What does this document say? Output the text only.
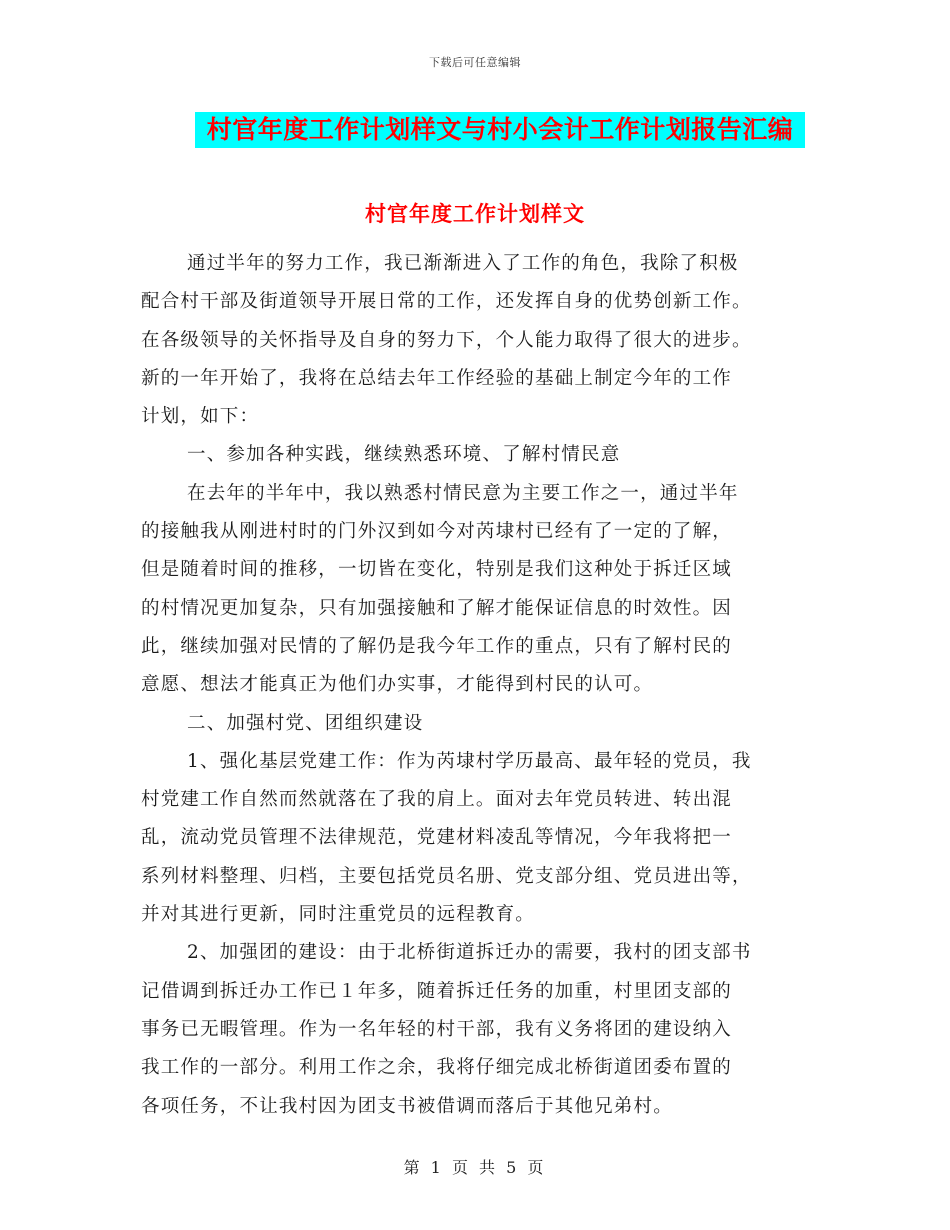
下载后可任意编辑
村官年度工作计划样文与村小会计工作计划报告汇编
村官年度工作计划样文
通过半年的努力工作，我已渐渐进入了工作的角色，我除了积极
配合村干部及街道领导开展日常的工作，还发挥自身的优势创新工作。
在各级领导的关怀指导及自身的努力下，个人能力取得了很大的进步。
新的一年开始了，我将在总结去年工作经验的基础上制定今年的工作
计划，如下：
一、参加各种实践，继续熟悉环境、了解村情民意
在去年的半年中，我以熟悉村情民意为主要工作之一，通过半年
的接触我从刚进村时的门外汉到如今对芮埭村已经有了一定的了解，
但是随着时间的推移，一切皆在变化，特别是我们这种处于拆迁区域
的村情况更加复杂，只有加强接触和了解才能保证信息的时效性。因
此，继续加强对民情的了解仍是我今年工作的重点，只有了解村民的
意愿、想法才能真正为他们办实事，才能得到村民的认可。
二、加强村党、团组织建设
1、强化基层党建工作：作为芮埭村学历最高、最年轻的党员，我
村党建工作自然而然就落在了我的肩上。面对去年党员转进、转出混
乱，流动党员管理不法律规范，党建材料凌乱等情况，今年我将把一
系列材料整理、归档，主要包括党员名册、党支部分组、党员进出等，
并对其进行更新，同时注重党员的远程教育。
2、加强团的建设：由于北桥街道拆迁办的需要，我村的团支部书
记借调到拆迁办工作已１年多，随着拆迁任务的加重，村里团支部的
事务已无暇管理。作为一名年轻的村干部，我有义务将团的建设纳入
我工作的一部分。利用工作之余，我将仔细完成北桥街道团委布置的
各项任务，不让我村因为团支书被借调而落后于其他兄弟村。
第 1 页 共 5 页
